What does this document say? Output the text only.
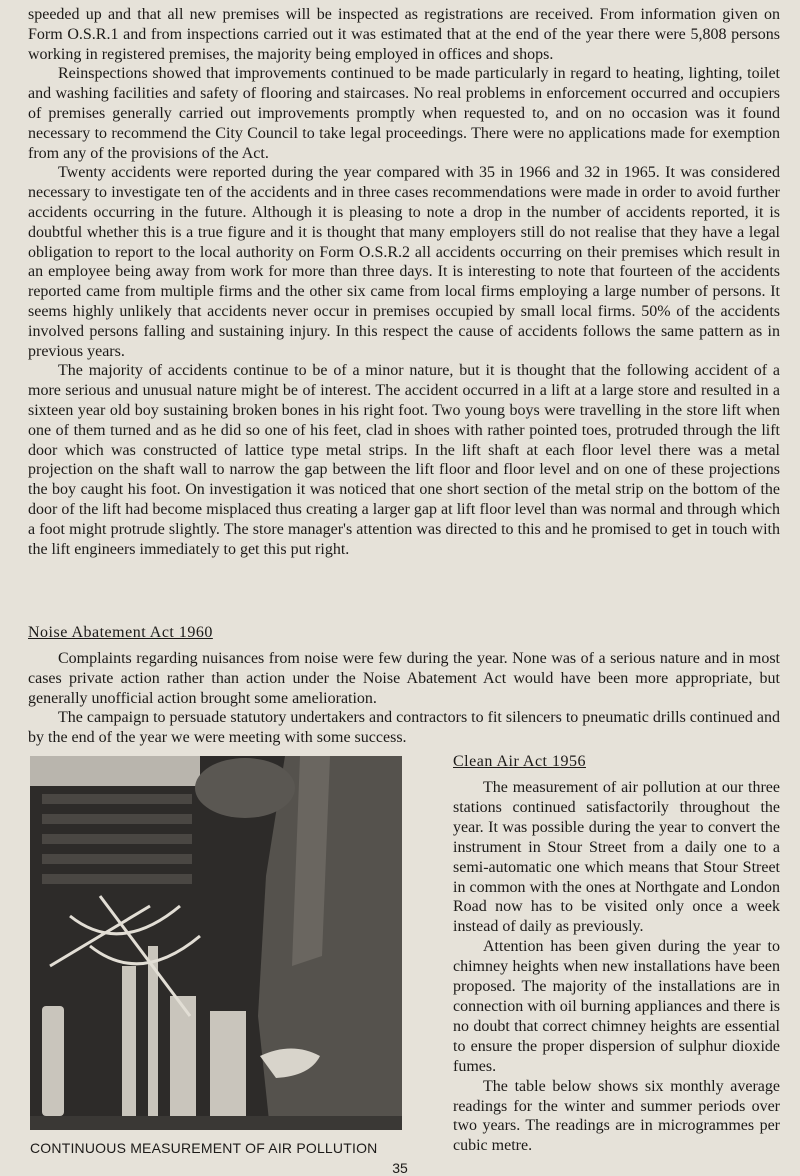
speeded up and that all new premises will be inspected as registrations are received. From information given on Form O.S.R.1 and from inspections carried out it was estimated that at the end of the year there were 5,808 persons working in registered premises, the majority being employed in offices and shops.

Reinspections showed that improvements continued to be made particularly in regard to heating, lighting, toilet and washing facilities and safety of flooring and staircases. No real problems in enforcement occurred and occupiers of premises generally carried out improvements promptly when requested to, and on no occasion was it found necessary to recommend the City Council to take legal proceedings. There were no applications made for exemption from any of the provisions of the Act.

Twenty accidents were reported during the year compared with 35 in 1966 and 32 in 1965. It was considered necessary to investigate ten of the accidents and in three cases recommendations were made in order to avoid further accidents occurring in the future. Although it is pleasing to note a drop in the number of accidents reported, it is doubtful whether this is a true figure and it is thought that many employers still do not realise that they have a legal obligation to report to the local authority on Form O.S.R.2 all accidents occurring on their premises which result in an employee being away from work for more than three days. It is interesting to note that fourteen of the accidents reported came from multiple firms and the other six came from local firms employing a large number of persons. It seems highly unlikely that accidents never occur in premises occupied by small local firms. 50% of the accidents involved persons falling and sustaining injury. In this respect the cause of accidents follows the same pattern as in previous years.

The majority of accidents continue to be of a minor nature, but it is thought that the following accident of a more serious and unusual nature might be of interest. The accident occurred in a lift at a large store and resulted in a sixteen year old boy sustaining broken bones in his right foot. Two young boys were travelling in the store lift when one of them turned and as he did so one of his feet, clad in shoes with rather pointed toes, protruded through the lift door which was constructed of lattice type metal strips. In the lift shaft at each floor level there was a metal projection on the shaft wall to narrow the gap between the lift floor and floor level and on one of these projections the boy caught his foot. On investigation it was noticed that one short section of the metal strip on the bottom of the door of the lift had become misplaced thus creating a larger gap at lift floor level than was normal and through which a foot might protrude slightly. The store manager's attention was directed to this and he promised to get in touch with the lift engineers immediately to get this put right.

Noise Abatement Act 1960

Complaints regarding nuisances from noise were few during the year. None was of a serious nature and in most cases private action rather than action under the Noise Abatement Act would have been more appropriate, but generally unofficial action brought some amelioration.

The campaign to persuade statutory undertakers and contractors to fit silencers to pneumatic drills continued and by the end of the year we were meeting with some success.

CONTINUOUS MEASUREMENT OF AIR POLLUTION
Clean Air Act 1956

The measurement of air pollution at our three stations continued satisfactorily throughout the year. It was possible during the year to convert the instrument in Stour Street from a daily one to a semi-automatic one which means that Stour Street in common with the ones at Northgate and London Road now has to be visited only once a week instead of daily as previously.

Attention has been given during the year to chimney heights when new installations have been proposed. The majority of the installations are in connection with oil burning appliances and there is no doubt that correct chimney heights are essential to ensure the proper dispersion of sulphur dioxide fumes.

The table below shows six monthly average readings for the winter and summer periods over two years. The readings are in microgrammes per cubic metre.

35
